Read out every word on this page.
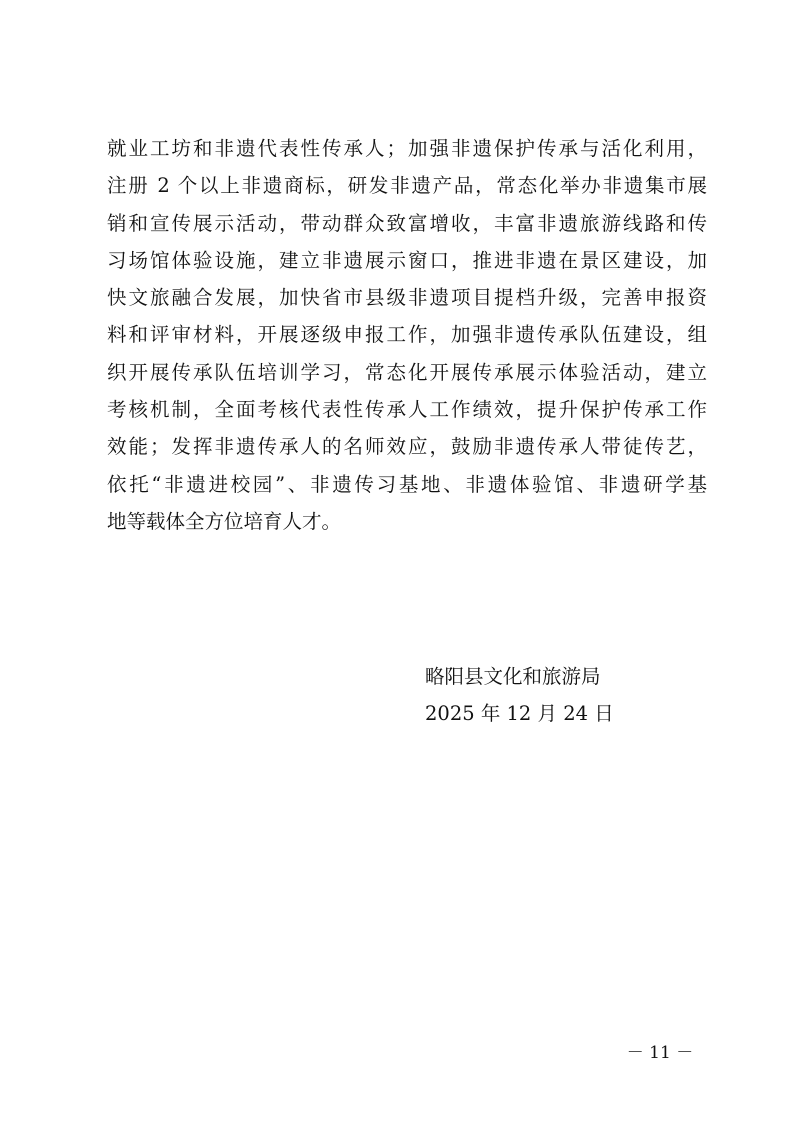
就业工坊和非遗代表性传承人；加强非遗保护传承与活化利用，
注册 2 个以上非遗商标，研发非遗产品，常态化举办非遗集市展
销和宣传展示活动，带动群众致富增收，丰富非遗旅游线路和传
习场馆体验设施，建立非遗展示窗口，推进非遗在景区建设，加
快文旅融合发展，加快省市县级非遗项目提档升级，完善申报资
料和评审材料，开展逐级申报工作，加强非遗传承队伍建设，组
织开展传承队伍培训学习，常态化开展传承展示体验活动，建立
考核机制，全面考核代表性传承人工作绩效，提升保护传承工作
效能；发挥非遗传承人的名师效应，鼓励非遗传承人带徒传艺，
依托“非遗进校园”、非遗传习基地、非遗体验馆、非遗研学基
地等载体全方位培育人才。
略阳县文化和旅游局
2025 年 12 月 24 日
－ 11 －
